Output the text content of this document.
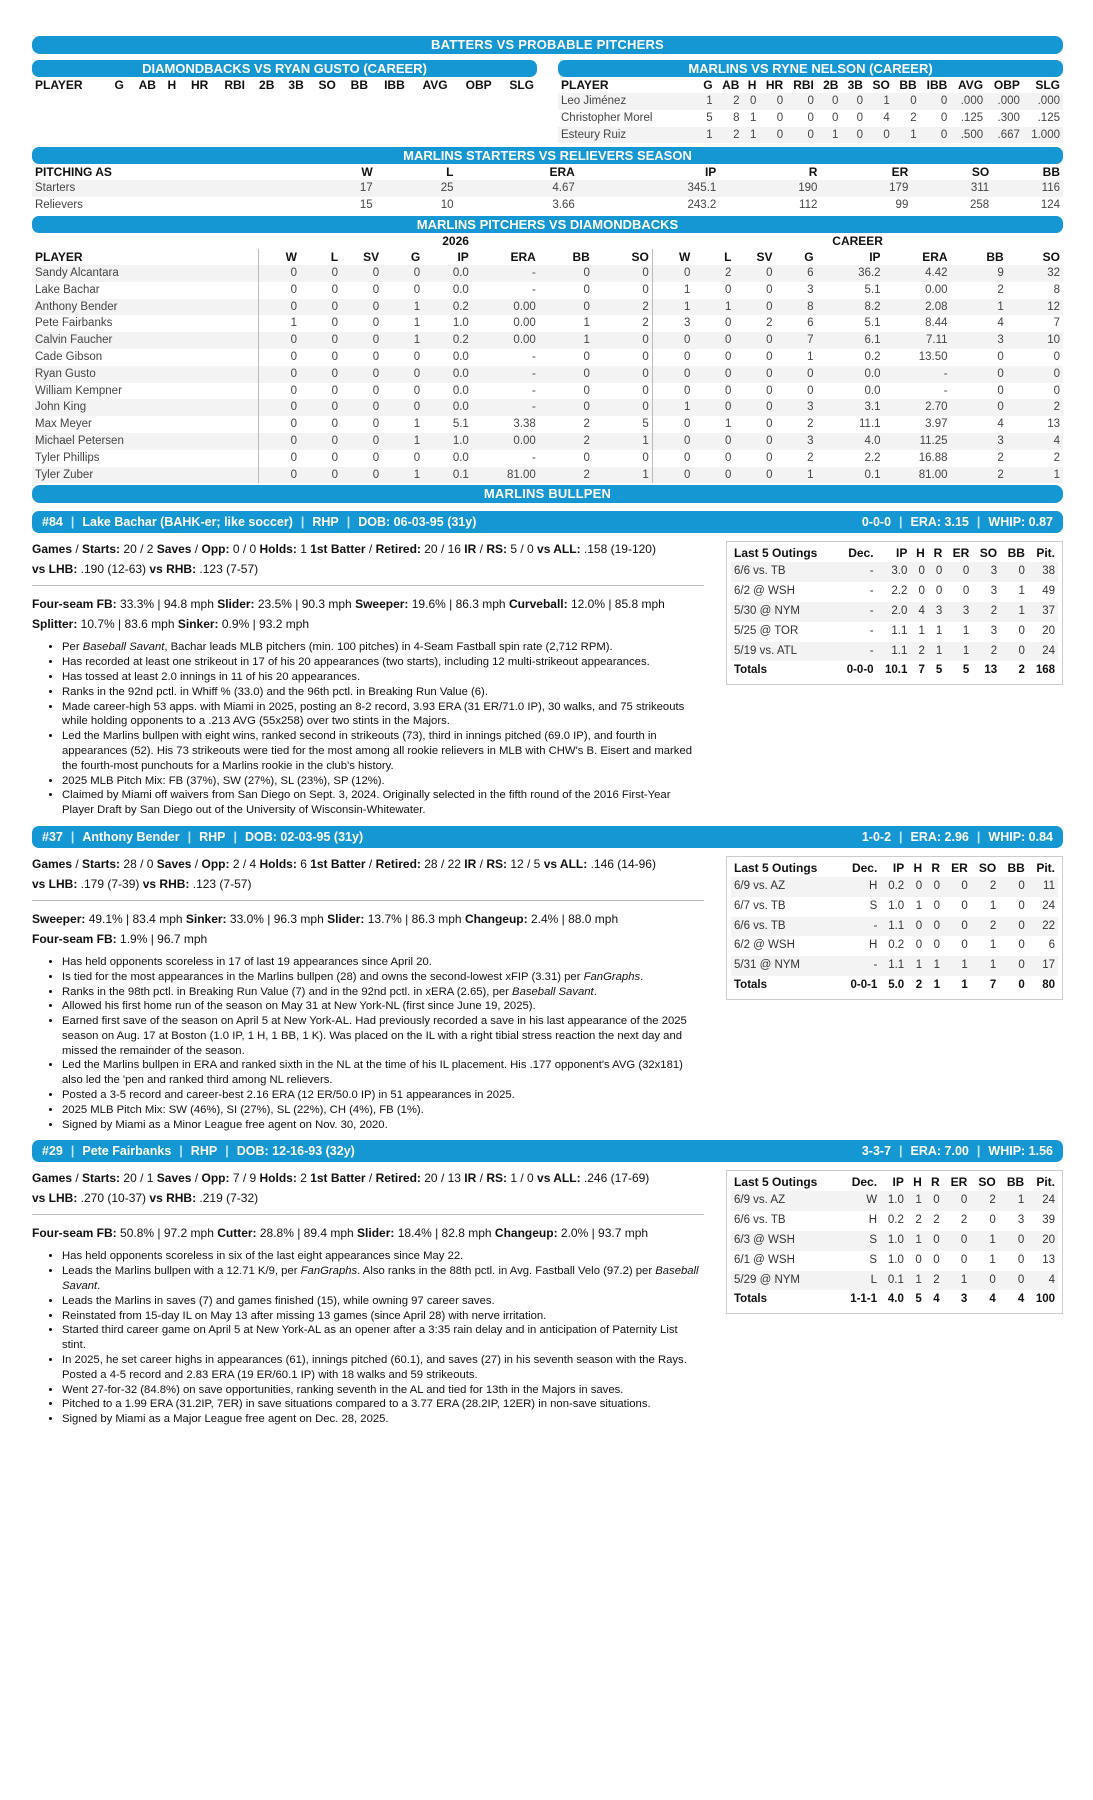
BATTERS VS PROBABLE PITCHERS
DIAMONDBACKS VS RYAN GUSTO (CAREER)
PLAYER	G	AB	H	HR	RBI	2B	3B	SO	BB	IBB	AVG	OBP	SLG
MARLINS VS RYNE NELSON (CAREER)
PLAYER	G	AB	H	HR	RBI	2B	3B	SO	BB	IBB	AVG	OBP	SLG
Leo Jiménez	1	2	0	0	0	0	0	1	0	0	.000	.000	.000
Christopher Morel	5	8	1	0	0	0	0	4	2	0	.125	.300	.125
Esteury Ruiz	1	2	1	0	0	1	0	0	1	0	.500	.667	1.000
MARLINS STARTERS VS RELIEVERS SEASON
PITCHING AS	W	L	ERA	IP	R	ER	SO	BB
Starters	17	25	4.67	345.1	190	179	311	116
Relievers	15	10	3.66	243.2	112	99	258	124
MARLINS PITCHERS VS DIAMONDBACKS
	2026								CAREER							
PLAYER	W	L	SV	G	IP	ERA	BB	SO	W	L	SV	G	IP	ERA	BB	SO
Sandy Alcantara	0	0	0	0	0.0	-	0	0	0	2	0	6	36.2	4.42	9	32
Lake Bachar	0	0	0	0	0.0	-	0	0	1	0	0	3	5.1	0.00	2	8
Anthony Bender	0	0	0	1	0.2	0.00	0	2	1	1	0	8	8.2	2.08	1	12
Pete Fairbanks	1	0	0	1	1.0	0.00	1	2	3	0	2	6	5.1	8.44	4	7
Calvin Faucher	0	0	0	1	0.2	0.00	1	0	0	0	0	7	6.1	7.11	3	10
Cade Gibson	0	0	0	0	0.0	-	0	0	0	0	0	1	0.2	13.50	0	0
Ryan Gusto	0	0	0	0	0.0	-	0	0	0	0	0	0	0.0	-	0	0
William Kempner	0	0	0	0	0.0	-	0	0	0	0	0	0	0.0	-	0	0
John King	0	0	0	0	0.0	-	0	0	1	0	0	3	3.1	2.70	0	2
Max Meyer	0	0	0	1	5.1	3.38	2	5	0	1	0	2	11.1	3.97	4	13
Michael Petersen	0	0	0	1	1.0	0.00	2	1	0	0	0	3	4.0	11.25	3	4
Tyler Phillips	0	0	0	0	0.0	-	0	0	0	0	0	2	2.2	16.88	2	2
Tyler Zuber	0	0	0	1	0.1	81.00	2	1	0	0	0	1	0.1	81.00	2	1
MARLINS BULLPEN
#84 | Lake Bachar (BAHK-er; like soccer) | RHP | DOB: 06-03-95 (31y)	0-0-0 | ERA: 3.15 | WHIP: 0.87
Games / Starts: 20 / 2 Saves / Opp: 0 / 0 Holds: 1 1st Batter / Retired: 20 / 16 IR / RS: 5 / 0 vs ALL: .158 (19-120)
vs LHB: .190 (12-63) vs RHB: .123 (7-57)
Four-seam FB: 33.3% | 94.8 mph Slider: 23.5% | 90.3 mph Sweeper: 19.6% | 86.3 mph Curveball: 12.0% | 85.8 mph
Splitter: 10.7% | 83.6 mph Sinker: 0.9% | 93.2 mph
• Per Baseball Savant, Bachar leads MLB pitchers (min. 100 pitches) in 4-Seam Fastball spin rate (2,712 RPM).
• Has recorded at least one strikeout in 17 of his 20 appearances (two starts), including 12 multi-strikeout appearances.
• Has tossed at least 2.0 innings in 11 of his 20 appearances.
• Ranks in the 92nd pctl. in Whiff % (33.0) and the 96th pctl. in Breaking Run Value (6).
• Made career-high 53 apps. with Miami in 2025, posting an 8-2 record, 3.93 ERA (31 ER/71.0 IP), 30 walks, and 75 strikeouts while holding opponents to a .213 AVG (55x258) over two stints in the Majors.
• Led the Marlins bullpen with eight wins, ranked second in strikeouts (73), third in innings pitched (69.0 IP), and fourth in appearances (52). His 73 strikeouts were tied for the most among all rookie relievers in MLB with CHW's B. Eisert and marked the fourth-most punchouts for a Marlins rookie in the club's history.
• 2025 MLB Pitch Mix: FB (37%), SW (27%), SL (23%), SP (12%).
• Claimed by Miami off waivers from San Diego on Sept. 3, 2024. Originally selected in the fifth round of the 2016 First-Year Player Draft by San Diego out of the University of Wisconsin-Whitewater.
Last 5 Outings	Dec.	IP	H	R	ER	SO	BB	Pit.
6/6 vs. TB	-	3.0	0	0	0	3	0	38
6/2 @ WSH	-	2.2	0	0	0	3	1	49
5/30 @ NYM	-	2.0	4	3	3	2	1	37
5/25 @ TOR	-	1.1	1	1	1	3	0	20
5/19 vs. ATL	-	1.1	2	1	1	2	0	24
Totals	0-0-0	10.1	7	5	5	13	2	168
#37 | Anthony Bender | RHP | DOB: 02-03-95 (31y)	1-0-2 | ERA: 2.96 | WHIP: 0.84
Games / Starts: 28 / 0 Saves / Opp: 2 / 4 Holds: 6 1st Batter / Retired: 28 / 22 IR / RS: 12 / 5 vs ALL: .146 (14-96)
vs LHB: .179 (7-39) vs RHB: .123 (7-57)
Sweeper: 49.1% | 83.4 mph Sinker: 33.0% | 96.3 mph Slider: 13.7% | 86.3 mph Changeup: 2.4% | 88.0 mph
Four-seam FB: 1.9% | 96.7 mph
• Has held opponents scoreless in 17 of last 19 appearances since April 20.
• Is tied for the most appearances in the Marlins bullpen (28) and owns the second-lowest xFIP (3.31) per FanGraphs.
• Ranks in the 98th pctl. in Breaking Run Value (7) and in the 92nd pctl. in xERA (2.65), per Baseball Savant.
• Allowed his first home run of the season on May 31 at New York-NL (first since June 19, 2025).
• Earned first save of the season on April 5 at New York-AL. Had previously recorded a save in his last appearance of the 2025 season on Aug. 17 at Boston (1.0 IP, 1 H, 1 BB, 1 K). Was placed on the IL with a right tibial stress reaction the next day and missed the remainder of the season.
• Led the Marlins bullpen in ERA and ranked sixth in the NL at the time of his IL placement. His .177 opponent's AVG (32x181) also led the 'pen and ranked third among NL relievers.
• Posted a 3-5 record and career-best 2.16 ERA (12 ER/50.0 IP) in 51 appearances in 2025.
• 2025 MLB Pitch Mix: SW (46%), SI (27%), SL (22%), CH (4%), FB (1%).
• Signed by Miami as a Minor League free agent on Nov. 30, 2020.
Last 5 Outings	Dec.	IP	H	R	ER	SO	BB	Pit.
6/9 vs. AZ	H	0.2	0	0	0	2	0	11
6/7 vs. TB	S	1.0	1	0	0	1	0	24
6/6 vs. TB	-	1.1	0	0	0	2	0	22
6/2 @ WSH	H	0.2	0	0	0	1	0	6
5/31 @ NYM	-	1.1	1	1	1	1	0	17
Totals	0-0-1	5.0	2	1	1	7	0	80
#29 | Pete Fairbanks | RHP | DOB: 12-16-93 (32y)	3-3-7 | ERA: 7.00 | WHIP: 1.56
Games / Starts: 20 / 1 Saves / Opp: 7 / 9 Holds: 2 1st Batter / Retired: 20 / 13 IR / RS: 1 / 0 vs ALL: .246 (17-69)
vs LHB: .270 (10-37) vs RHB: .219 (7-32)
Four-seam FB: 50.8% | 97.2 mph Cutter: 28.8% | 89.4 mph Slider: 18.4% | 82.8 mph Changeup: 2.0% | 93.7 mph
• Has held opponents scoreless in six of the last eight appearances since May 22.
• Leads the Marlins bullpen with a 12.71 K/9, per FanGraphs. Also ranks in the 88th pctl. in Avg. Fastball Velo (97.2) per Baseball Savant.
• Leads the Marlins in saves (7) and games finished (15), while owning 97 career saves.
• Reinstated from 15-day IL on May 13 after missing 13 games (since April 28) with nerve irritation.
• Started third career game on April 5 at New York-AL as an opener after a 3:35 rain delay and in anticipation of Paternity List stint.
• In 2025, he set career highs in appearances (61), innings pitched (60.1), and saves (27) in his seventh season with the Rays. Posted a 4-5 record and 2.83 ERA (19 ER/60.1 IP) with 18 walks and 59 strikeouts.
• Went 27-for-32 (84.8%) on save opportunities, ranking seventh in the AL and tied for 13th in the Majors in saves.
• Pitched to a 1.99 ERA (31.2IP, 7ER) in save situations compared to a 3.77 ERA (28.2IP, 12ER) in non-save situations.
• Signed by Miami as a Major League free agent on Dec. 28, 2025.
Last 5 Outings	Dec.	IP	H	R	ER	SO	BB	Pit.
6/9 vs. AZ	W	1.0	1	0	0	2	1	24
6/6 vs. TB	H	0.2	2	2	2	0	3	39
6/3 @ WSH	S	1.0	1	0	0	1	0	20
6/1 @ WSH	S	1.0	0	0	0	1	0	13
5/29 @ NYM	L	0.1	1	2	1	0	0	4
Totals	1-1-1	4.0	5	4	3	4	4	100
